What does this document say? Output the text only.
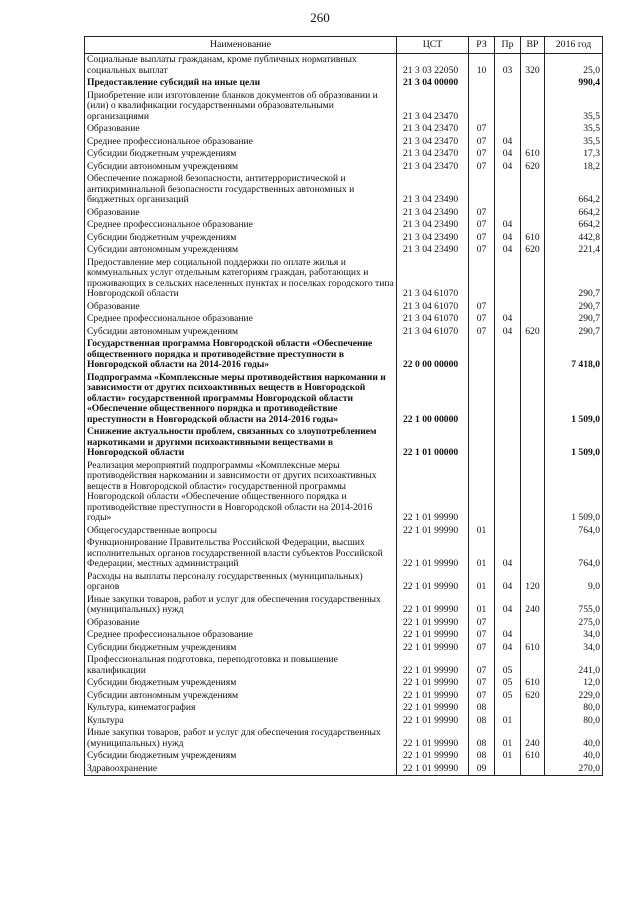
260
Наименование	ЦСТ	РЗ	Пр	ВР	2016 год
Социальные выплаты гражданам, кроме публичных нормативных социальных выплат	21 3 03 22050	10	03	320	25,0
Предоставление субсидий на иные цели	21 3 04 00000				990,4
Приобретение или изготовление бланков документов об образовании и (или) о квалификации государственными образовательными организациями	21 3 04 23470				35,5
Образование	21 3 04 23470	07			35,5
Среднее профессиональное образование	21 3 04 23470	07	04		35,5
Субсидии бюджетным учреждениям	21 3 04 23470	07	04	610	17,3
Субсидии автономным учреждениям	21 3 04 23470	07	04	620	18,2
Обеспечение пожарной безопасности, антитеррористической и антикриминальной безопасности государственных автономных и бюджетных организаций	21 3 04 23490				664,2
Образование	21 3 04 23490	07			664,2
Среднее профессиональное образование	21 3 04 23490	07	04		664,2
Субсидии бюджетным учреждениям	21 3 04 23490	07	04	610	442,8
Субсидии автономным учреждениям	21 3 04 23490	07	04	620	221,4
Предоставление мер социальной поддержки по оплате жилья и коммунальных услуг отдельным категориям граждан, работающих и проживающих в сельских населенных пунктах и поселках городского типа Новгородской области	21 3 04 61070				290,7
Образование	21 3 04 61070	07			290,7
Среднее профессиональное образование	21 3 04 61070	07	04		290,7
Субсидии автономным учреждениям	21 3 04 61070	07	04	620	290,7
Государственная программа Новгородской области «Обеспечение общественного порядка и противодействие преступности в Новгородской области на 2014-2016 годы»	22 0 00 00000				7 418,0
Подпрограмма «Комплексные меры противодействия наркомании и зависимости от других психоактивных веществ в Новгородской области» государственной программы Новгородской области «Обеспечение общественного порядка и противодействие преступности в Новгородской области на 2014-2016 годы»	22 1 00 00000				1 509,0
Снижение актуальности проблем, связанных со злоупотреблением наркотиками и другими психоактивными веществами в Новгородской области	22 1 01 00000				1 509,0
Реализация мероприятий подпрограммы «Комплексные меры противодействия наркомании и зависимости от других психоактивных веществ в Новгородской области» государственной программы Новгородской области «Обеспечение общественного порядка и противодействие преступности в Новгородской области на 2014-2016 годы»	22 1 01 99990				1 509,0
Общегосударственные вопросы	22 1 01 99990	01			764,0
Функционирование Правительства Российской Федерации, высших исполнительных органов государственной власти субъектов Российской Федерации, местных администраций	22 1 01 99990	01	04		764,0
Расходы на выплаты персоналу государственных (муниципальных) органов	22 1 01 99990	01	04	120	9,0
Иные закупки товаров, работ и услуг для обеспечения государственных (муниципальных) нужд	22 1 01 99990	01	04	240	755,0
Образование	22 1 01 99990	07			275,0
Среднее профессиональное образование	22 1 01 99990	07	04		34,0
Субсидии бюджетным учреждениям	22 1 01 99990	07	04	610	34,0
Профессиональная подготовка, переподготовка и повышение квалификации	22 1 01 99990	07	05		241,0
Субсидии бюджетным учреждениям	22 1 01 99990	07	05	610	12,0
Субсидии автономным учреждениям	22 1 01 99990	07	05	620	229,0
Культура, кинематография	22 1 01 99990	08			80,0
Культура	22 1 01 99990	08	01		80,0
Иные закупки товаров, работ и услуг для обеспечения государственных (муниципальных) нужд	22 1 01 99990	08	01	240	40,0
Субсидии бюджетным учреждениям	22 1 01 99990	08	01	610	40,0
Здравоохранение	22 1 01 99990	09			270,0
